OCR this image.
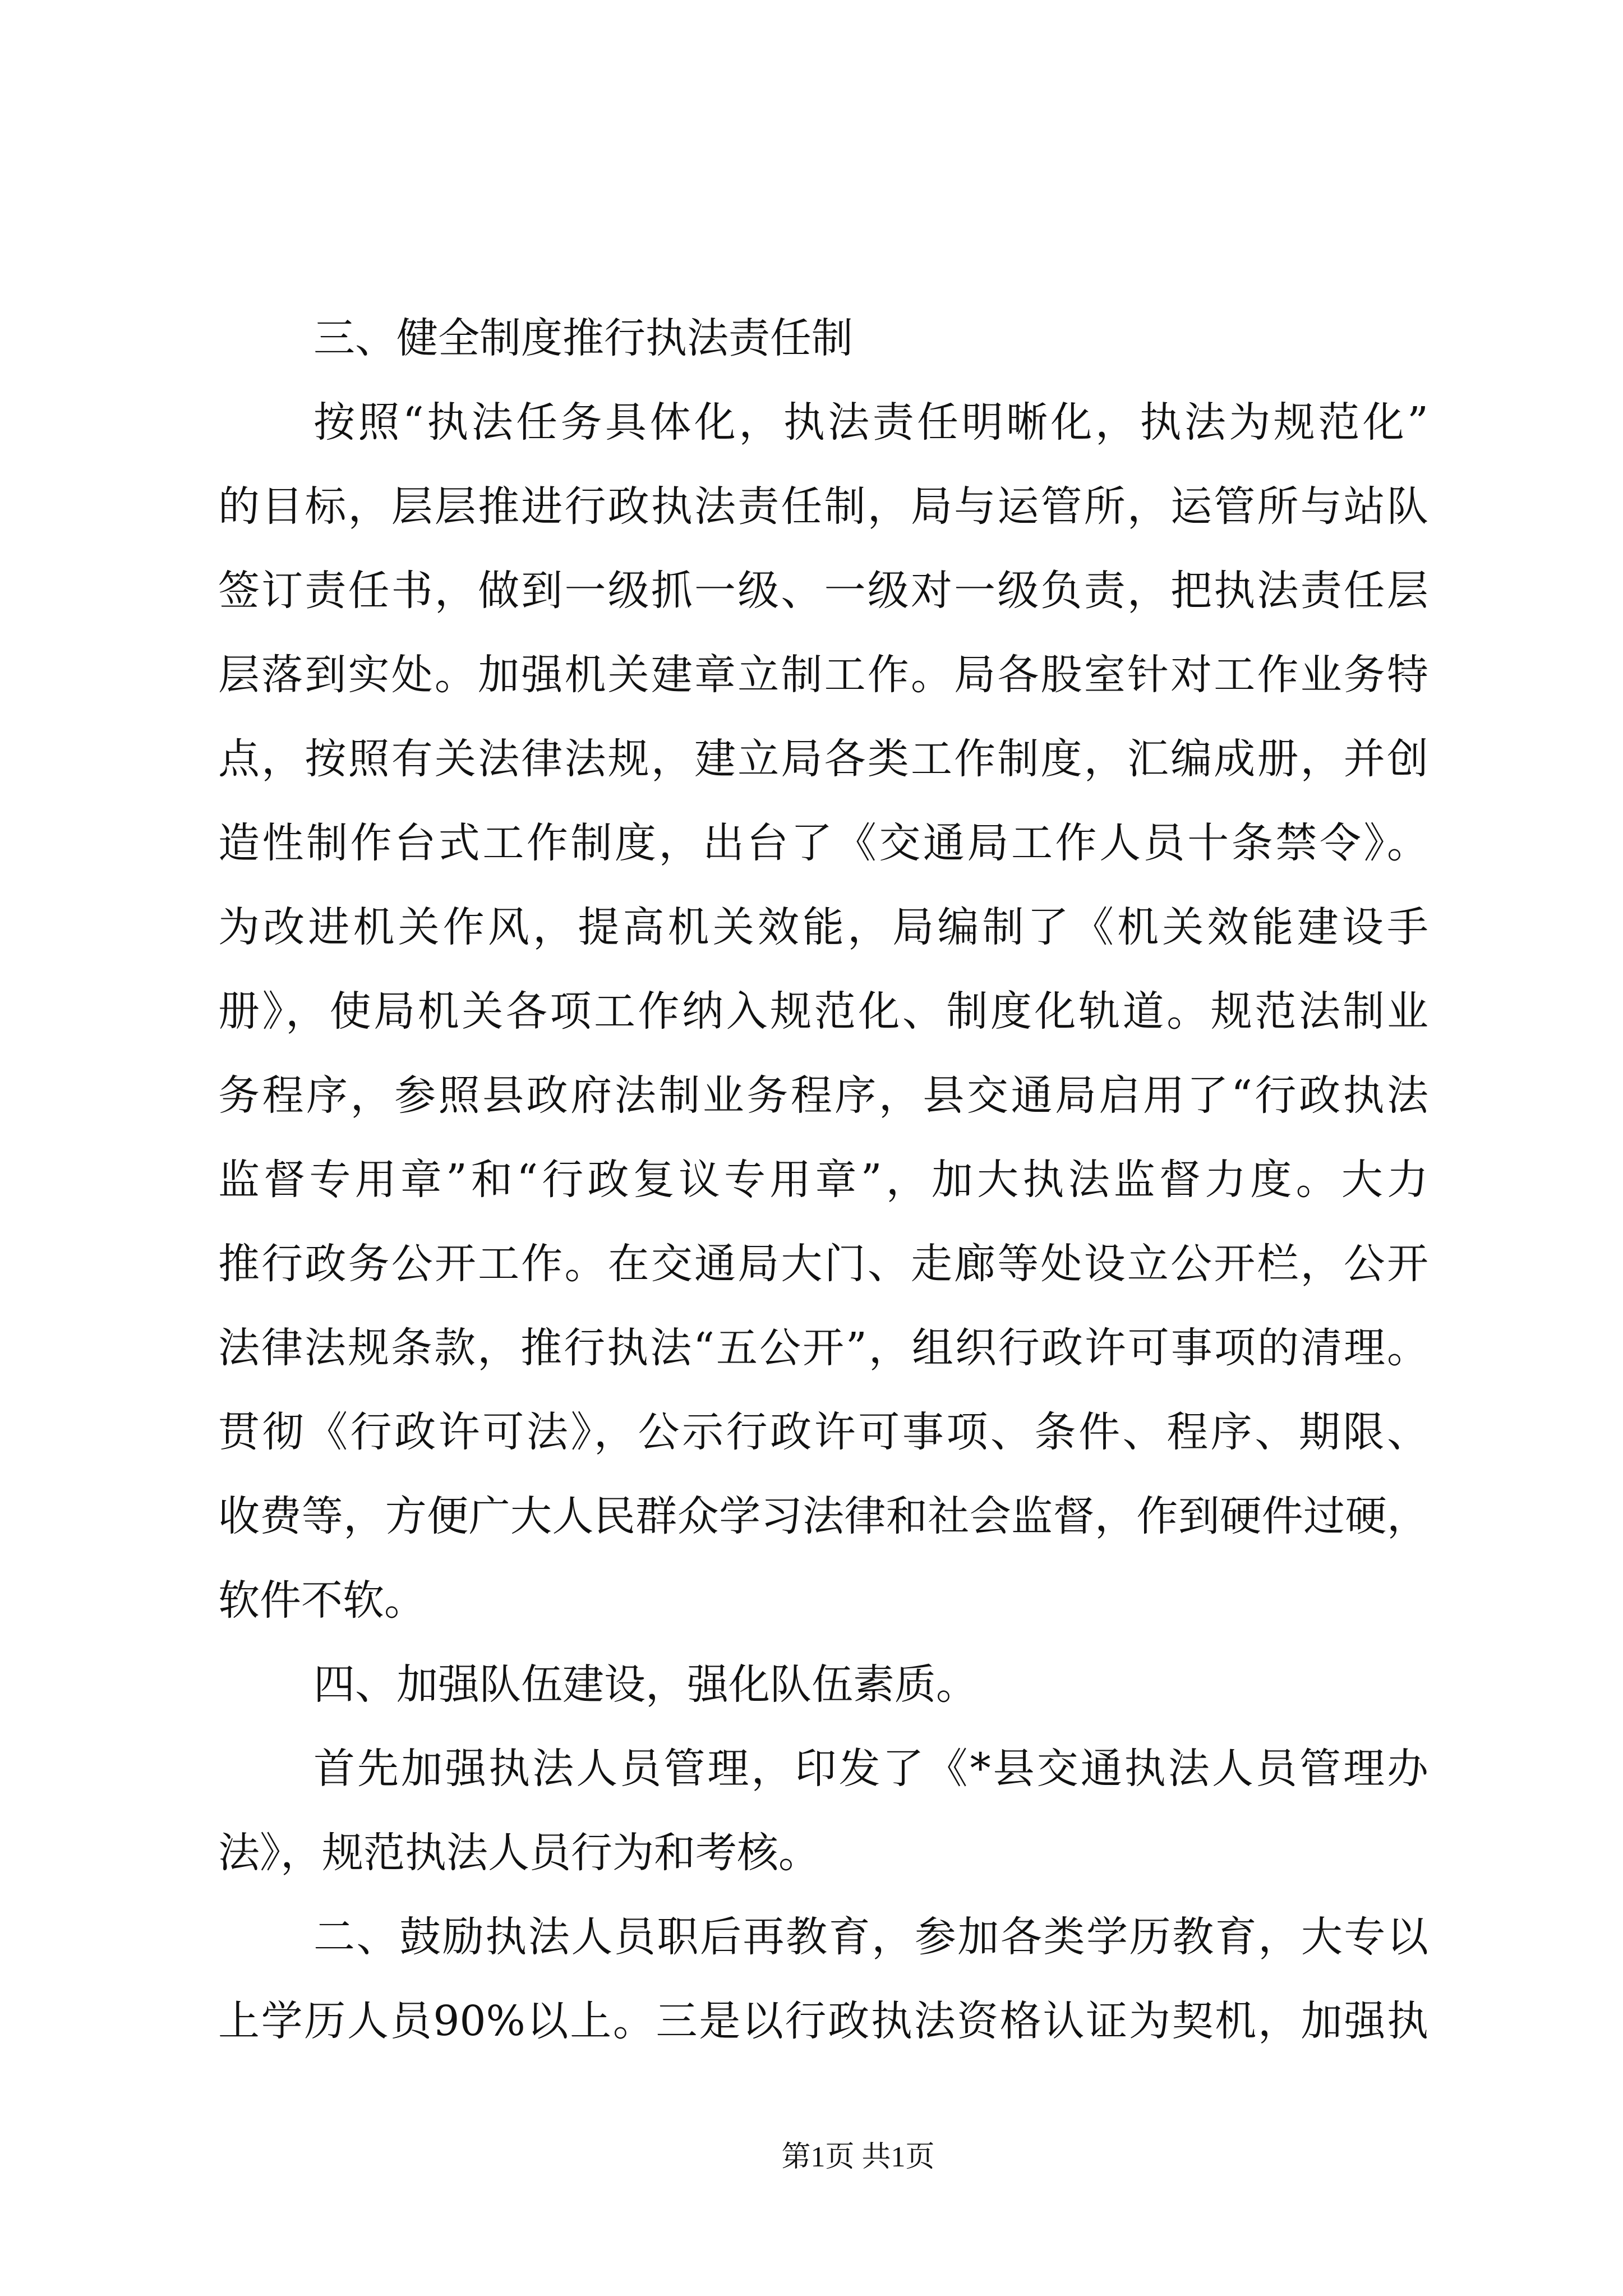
三、健全制度推行执法责任制
按照“执法任务具体化，执法责任明晰化，执法为规范化”
的目标，层层推进行政执法责任制，局与运管所，运管所与站队
签订责任书，做到一级抓一级、一级对一级负责，把执法责任层
层落到实处。加强机关建章立制工作。局各股室针对工作业务特
点，按照有关法律法规，建立局各类工作制度，汇编成册，并创
造性制作台式工作制度，出台了《交通局工作人员十条禁令》。
为改进机关作风，提高机关效能，局编制了《机关效能建设手
册》，使局机关各项工作纳入规范化、制度化轨道。规范法制业
务程序，参照县政府法制业务程序，县交通局启用了“行政执法
监督专用章”和“行政复议专用章”，加大执法监督力度。大力
推行政务公开工作。在交通局大门、走廊等处设立公开栏，公开
法律法规条款，推行执法“五公开”，组织行政许可事项的清理。
贯彻《行政许可法》，公示行政许可事项、条件、程序、期限、
收费等，方便广大人民群众学习法律和社会监督，作到硬件过硬，
软件不软。
四、加强队伍建设，强化队伍素质。
首先加强执法人员管理，印发了《*县交通执法人员管理办
法》，规范执法人员行为和考核。
二、鼓励执法人员职后再教育，参加各类学历教育，大专以
上学历人员90%以上。三是以行政执法资格认证为契机，加强执
第1页 共1页
